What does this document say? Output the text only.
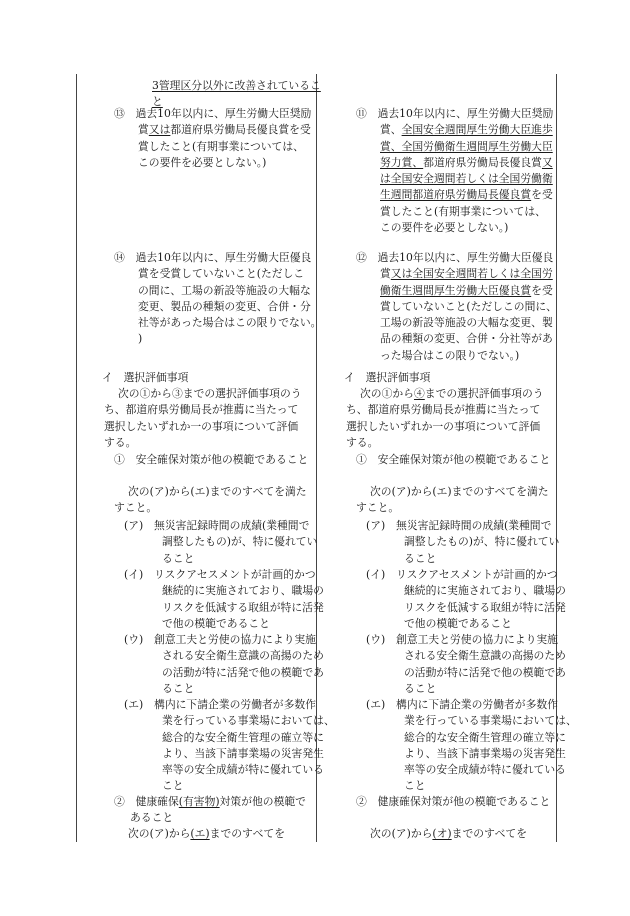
3管理区分以外に改善されているこ

と

⑬　過去10年以内に、厚生労働大臣奨励

賞又は都道府県労働局長優良賞を受

賞したこと(有期事業については、

この要件を必要としない。)

⑭　過去10年以内に、厚生労働大臣優良

賞を受賞していないこと(ただしこ

の間に、工場の新設等施設の大幅な

変更、製品の種類の変更、合併・分

社等があった場合はこの限りでない。

)

イ　選択評価事項

次の①から③までの選択評価事項のう

ち、都道府県労働局長が推薦に当たって

選択したいずれか一の事項について評価

する。

①　安全確保対策が他の模範であること

次の(ア)から(エ)までのすべてを満た

すこと。

(ア)　無災害記録時間の成績(業種間で

調整したもの)が、特に優れてい

ること

(イ)　リスクアセスメントが計画的かつ

継続的に実施されており、職場の

リスクを低減する取組が特に活発

で他の模範であること

(ウ)　創意工夫と労使の協力により実施

される安全衛生意識の高揚のため

の活動が特に活発で他の模範であ

ること

(エ)　構内に下請企業の労働者が多数作

業を行っている事業場においては、

総合的な安全衛生管理の確立等に

より、当該下請事業場の災害発生

率等の安全成績が特に優れている

こと

②　健康確保(有害物)対策が他の模範で

あること

次の(ア)から(エ)までのすべてを

⑪　過去10年以内に、厚生労働大臣奨励

賞、全国安全週間厚生労働大臣進歩

賞、全国労働衛生週間厚生労働大臣

努力賞、都道府県労働局長優良賞又

は全国安全週間若しくは全国労働衛

生週間都道府県労働局長優良賞を受

賞したこと(有期事業については、

この要件を必要としない。)

⑫　過去10年以内に、厚生労働大臣優良

賞又は全国安全週間若しくは全国労

働衛生週間厚生労働大臣優良賞を受

賞していないこと(ただしこの間に、

工場の新設等施設の大幅な変更、製

品の種類の変更、合併・分社等があ

った場合はこの限りでない。)

イ　選択評価事項

次の①から④までの選択評価事項のう

ち、都道府県労働局長が推薦に当たって

選択したいずれか一の事項について評価

する。

①　安全確保対策が他の模範であること

次の(ア)から(エ)までのすべてを満た

すこと。

(ア)　無災害記録時間の成績(業種間で

調整したもの)が、特に優れてい

ること

(イ)　リスクアセスメントが計画的かつ

継続的に実施されており、職場の

リスクを低減する取組が特に活発

で他の模範であること

(ウ)　創意工夫と労使の協力により実施

される安全衛生意識の高揚のため

の活動が特に活発で他の模範であ

ること

(エ)　構内に下請企業の労働者が多数作

業を行っている事業場においては、

総合的な安全衛生管理の確立等に

より、当該下請事業場の災害発生

率等の安全成績が特に優れている

こと

②　健康確保対策が他の模範であること

次の(ア)から(オ)までのすべてを
